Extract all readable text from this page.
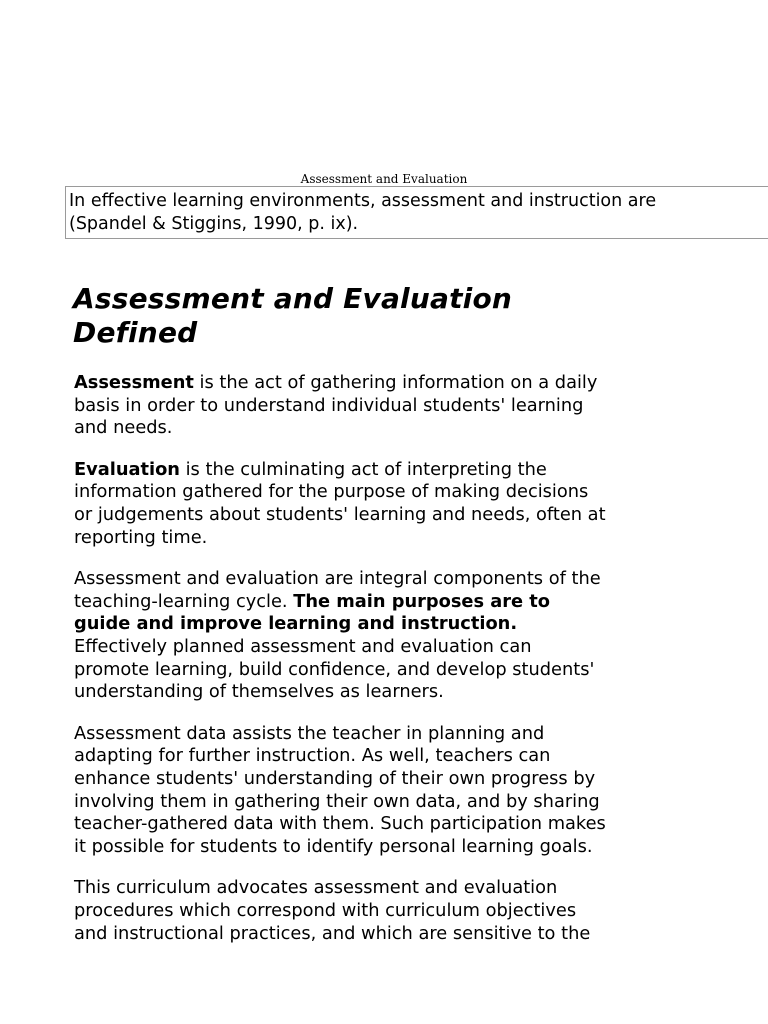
Assessment and Evaluation
In effective learning environments, assessment and instruction are
(Spandel & Stiggins, 1990, p. ix).
Assessment and Evaluation
Defined

Assessment is the act of gathering information on a daily
basis in order to understand individual students' learning
and needs.

Evaluation is the culminating act of interpreting the
information gathered for the purpose of making decisions
or judgements about students' learning and needs, often at
reporting time.

Assessment and evaluation are integral components of the
teaching-learning cycle. The main purposes are to
guide and improve learning and instruction.
Effectively planned assessment and evaluation can
promote learning, build confidence, and develop students'
understanding of themselves as learners.

Assessment data assists the teacher in planning and
adapting for further instruction. As well, teachers can
enhance students' understanding of their own progress by
involving them in gathering their own data, and by sharing
teacher-gathered data with them. Such participation makes
it possible for students to identify personal learning goals.

This curriculum advocates assessment and evaluation
procedures which correspond with curriculum objectives
and instructional practices, and which are sensitive to the
